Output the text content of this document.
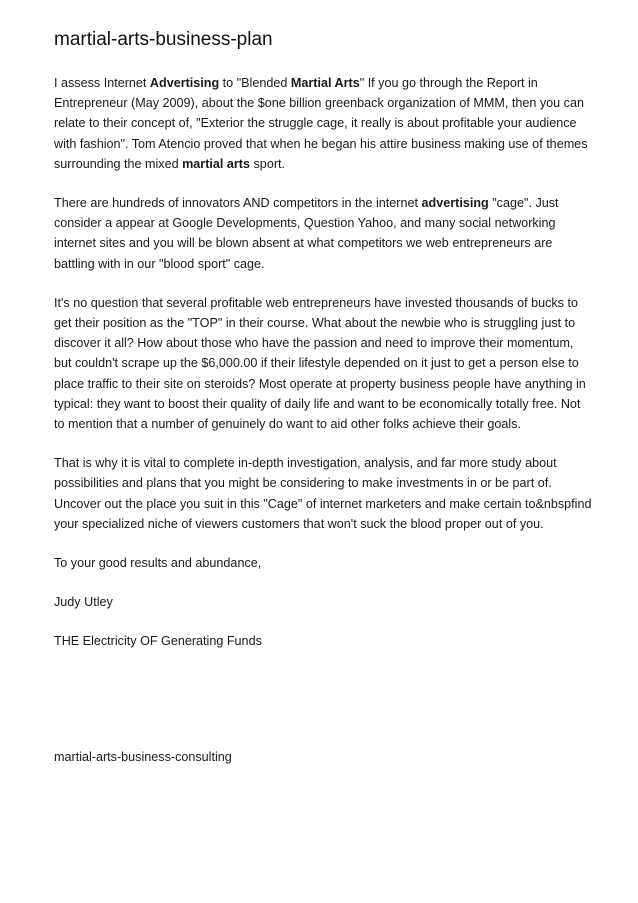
martial-arts-business-plan

I assess Internet Advertising to "Blended Martial Arts" If you go through the Report in Entrepreneur (May 2009), about the $one billion greenback organization of MMM, then you can relate to their concept of, "Exterior the struggle cage, it really is about profitable your audience with fashion". Tom Atencio proved that when he began his attire business making use of themes surrounding the mixed martial arts sport.

There are hundreds of innovators AND competitors in the internet advertising "cage". Just consider a appear at Google Developments, Question Yahoo, and many social networking internet sites and you will be blown absent at what competitors we web entrepreneurs are battling with in our "blood sport" cage.

It's no question that several profitable web entrepreneurs have invested thousands of bucks to get their position as the "TOP" in their course. What about the newbie who is struggling just to discover it all? How about those who have the passion and need to improve their momentum, but couldn't scrape up the $6,000.00 if their lifestyle depended on it just to get a person else to place traffic to their site on steroids? Most operate at property business people have anything in typical: they want to boost their quality of daily life and want to be economically totally free. Not to mention that a number of genuinely do want to aid other folks achieve their goals.

That is why it is vital to complete in-depth investigation, analysis, and far more study about possibilities and plans that you might be considering to make investments in or be part of. Uncover out the place you suit in this "Cage" of internet marketers and make certain to&nbspfind your specialized niche of viewers customers that won't suck the blood proper out of you.

To your good results and abundance,

Judy Utley

THE Electricity OF Generating Funds

martial-arts-business-consulting
